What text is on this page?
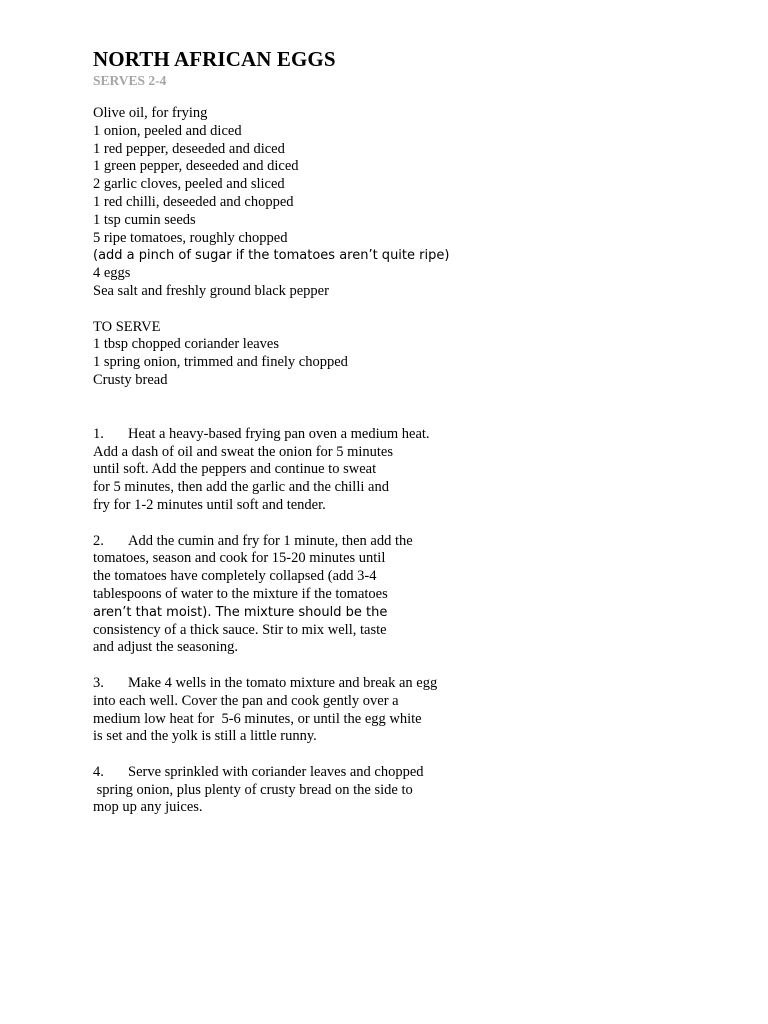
NORTH AFRICAN EGGS
SERVES 2-4
Olive oil, for frying
1 onion, peeled and diced
1 red pepper, deseeded and diced
1 green pepper, deseeded and diced
2 garlic cloves, peeled and sliced
1 red chilli, deseeded and chopped
1 tsp cumin seeds
5 ripe tomatoes, roughly chopped
(add a pinch of sugar if the tomatoes aren’t quite ripe)
4 eggs
Sea salt and freshly ground black pepper
TO SERVE
1 tbsp chopped coriander leaves
1 spring onion, trimmed and finely chopped
Crusty bread
1. Heat a heavy-based frying pan oven a medium heat.
Add a dash of oil and sweat the onion for 5 minutes
until soft. Add the peppers and continue to sweat
for 5 minutes, then add the garlic and the chilli and
fry for 1-2 minutes until soft and tender.
2. Add the cumin and fry for 1 minute, then add the
tomatoes, season and cook for 15-20 minutes until
the tomatoes have completely collapsed (add 3-4
tablespoons of water to the mixture if the tomatoes
aren’t that moist). The mixture should be the
consistency of a thick sauce. Stir to mix well, taste
and adjust the seasoning.
3. Make 4 wells in the tomato mixture and break an egg
into each well. Cover the pan and cook gently over a
medium low heat for  5-6 minutes, or until the egg white
is set and the yolk is still a little runny.
4. Serve sprinkled with coriander leaves and chopped
spring onion, plus plenty of crusty bread on the side to
mop up any juices.
